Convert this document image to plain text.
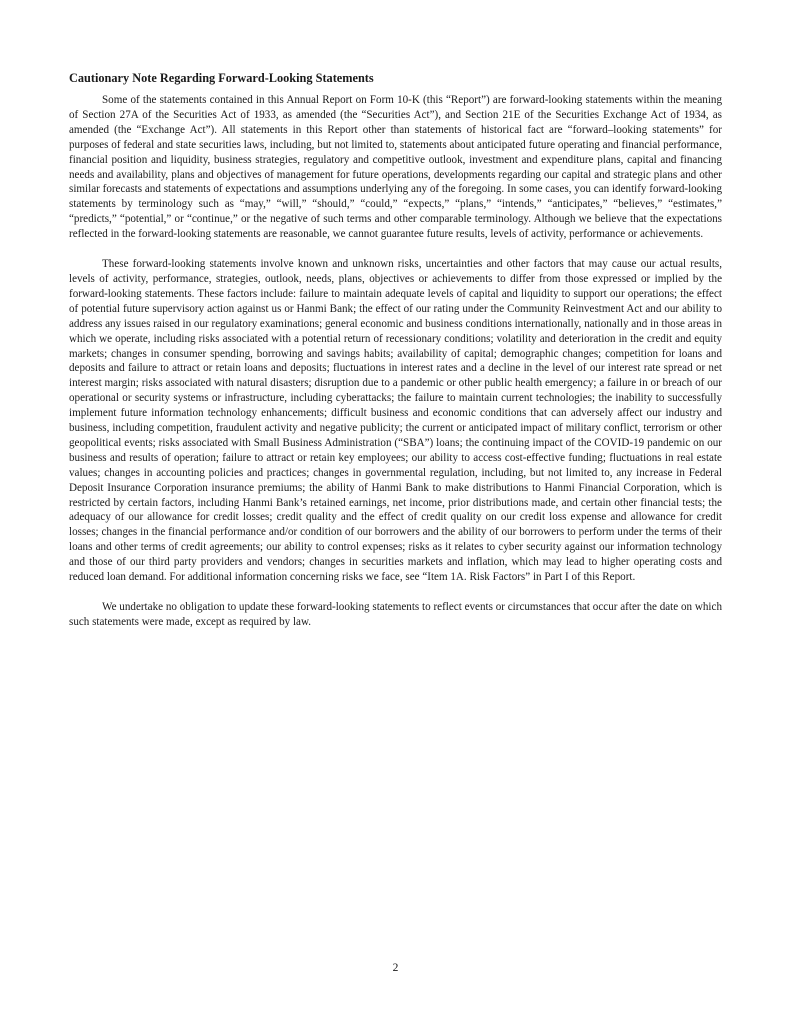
Cautionary Note Regarding Forward-Looking Statements

Some of the statements contained in this Annual Report on Form 10-K (this “Report”) are forward-looking statements within the meaning of Section 27A of the Securities Act of 1933, as amended (the “Securities Act”), and Section 21E of the Securities Exchange Act of 1934, as amended (the “Exchange Act”). All statements in this Report other than statements of historical fact are “forward–looking statements” for purposes of federal and state securities laws, including, but not limited to, statements about anticipated future operating and financial performance, financial position and liquidity, business strategies, regulatory and competitive outlook, investment and expenditure plans, capital and financing needs and availability, plans and objectives of management for future operations, developments regarding our capital and strategic plans and other similar forecasts and statements of expectations and assumptions underlying any of the foregoing. In some cases, you can identify forward-looking statements by terminology such as “may,” “will,” “should,” “could,” “expects,” “plans,” “intends,” “anticipates,” “believes,” “estimates,” “predicts,” “potential,” or “continue,” or the negative of such terms and other comparable terminology. Although we believe that the expectations reflected in the forward-looking statements are reasonable, we cannot guarantee future results, levels of activity, performance or achievements.

These forward-looking statements involve known and unknown risks, uncertainties and other factors that may cause our actual results, levels of activity, performance, strategies, outlook, needs, plans, objectives or achievements to differ from those expressed or implied by the forward-looking statements. These factors include: failure to maintain adequate levels of capital and liquidity to support our operations; the effect of potential future supervisory action against us or Hanmi Bank; the effect of our rating under the Community Reinvestment Act and our ability to address any issues raised in our regulatory examinations; general economic and business conditions internationally, nationally and in those areas in which we operate, including risks associated with a potential return of recessionary conditions; volatility and deterioration in the credit and equity markets; changes in consumer spending, borrowing and savings habits; availability of capital; demographic changes; competition for loans and deposits and failure to attract or retain loans and deposits; fluctuations in interest rates and a decline in the level of our interest rate spread or net interest margin; risks associated with natural disasters; disruption due to a pandemic or other public health emergency; a failure in or breach of our operational or security systems or infrastructure, including cyberattacks; the failure to maintain current technologies; the inability to successfully implement future information technology enhancements; difficult business and economic conditions that can adversely affect our industry and business, including competition, fraudulent activity and negative publicity; the current or anticipated impact of military conflict, terrorism or other geopolitical events; risks associated with Small Business Administration (“SBA”) loans; the continuing impact of the COVID-19 pandemic on our business and results of operation; failure to attract or retain key employees; our ability to access cost-effective funding; fluctuations in real estate values; changes in accounting policies and practices; changes in governmental regulation, including, but not limited to, any increase in Federal Deposit Insurance Corporation insurance premiums; the ability of Hanmi Bank to make distributions to Hanmi Financial Corporation, which is restricted by certain factors, including Hanmi Bank’s retained earnings, net income, prior distributions made, and certain other financial tests; the adequacy of our allowance for credit losses; credit quality and the effect of credit quality on our credit loss expense and allowance for credit losses; changes in the financial performance and/or condition of our borrowers and the ability of our borrowers to perform under the terms of their loans and other terms of credit agreements; our ability to control expenses; risks as it relates to cyber security against our information technology and those of our third party providers and vendors; changes in securities markets and inflation, which may lead to higher operating costs and reduced loan demand. For additional information concerning risks we face, see “Item 1A. Risk Factors” in Part I of this Report.

We undertake no obligation to update these forward-looking statements to reflect events or circumstances that occur after the date on which such statements were made, except as required by law.

2
